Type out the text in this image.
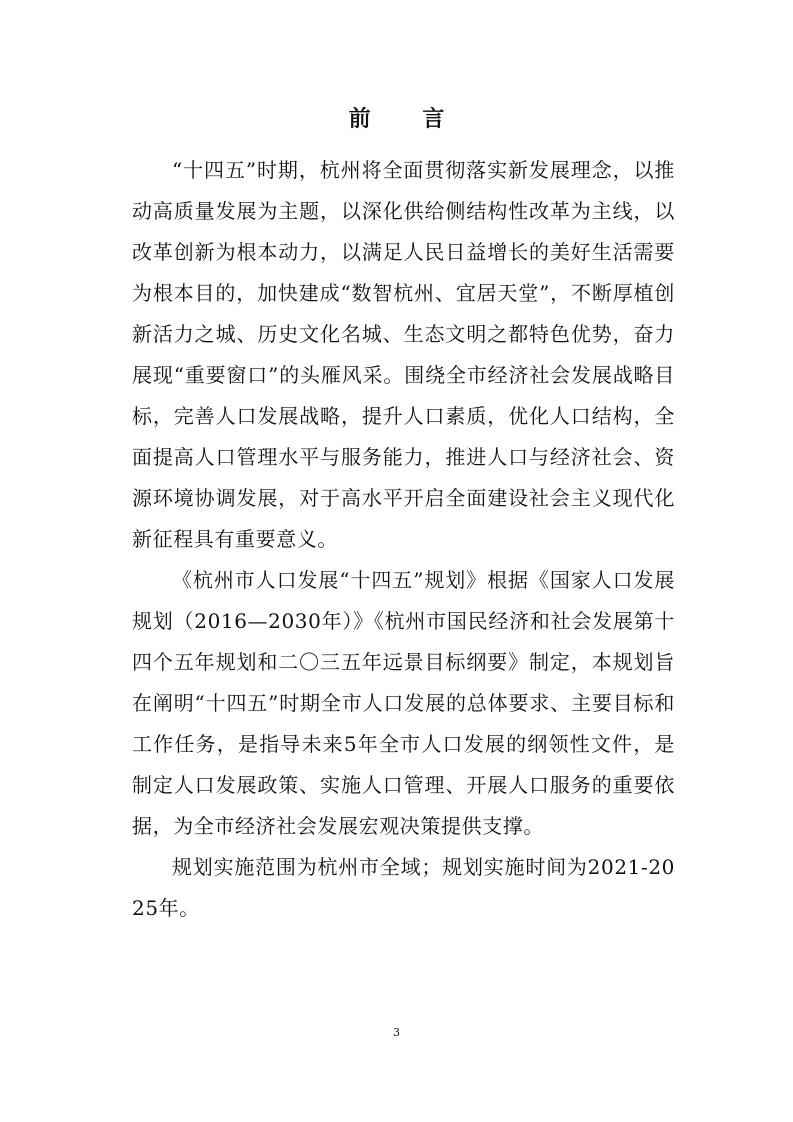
前 言

“十四五”时期，杭州将全面贯彻落实新发展理念，以推动高质量发展为主题，以深化供给侧结构性改革为主线，以改革创新为根本动力，以满足人民日益增长的美好生活需要为根本目的，加快建成“数智杭州、宜居天堂”，不断厚植创新活力之城、历史文化名城、生态文明之都特色优势，奋力展现“重要窗口”的头雁风采。围绕全市经济社会发展战略目标，完善人口发展战略，提升人口素质，优化人口结构，全面提高人口管理水平与服务能力，推进人口与经济社会、资源环境协调发展，对于高水平开启全面建设社会主义现代化新征程具有重要意义。

《杭州市人口发展“十四五”规划》根据《国家人口发展规划（2016—2030年）》《杭州市国民经济和社会发展第十四个五年规划和二〇三五年远景目标纲要》制定，本规划旨在阐明“十四五”时期全市人口发展的总体要求、主要目标和工作任务，是指导未来5年全市人口发展的纲领性文件，是制定人口发展政策、实施人口管理、开展人口服务的重要依据，为全市经济社会发展宏观决策提供支撑。

规划实施范围为杭州市全域；规划实施时间为2021-2025年。

3
